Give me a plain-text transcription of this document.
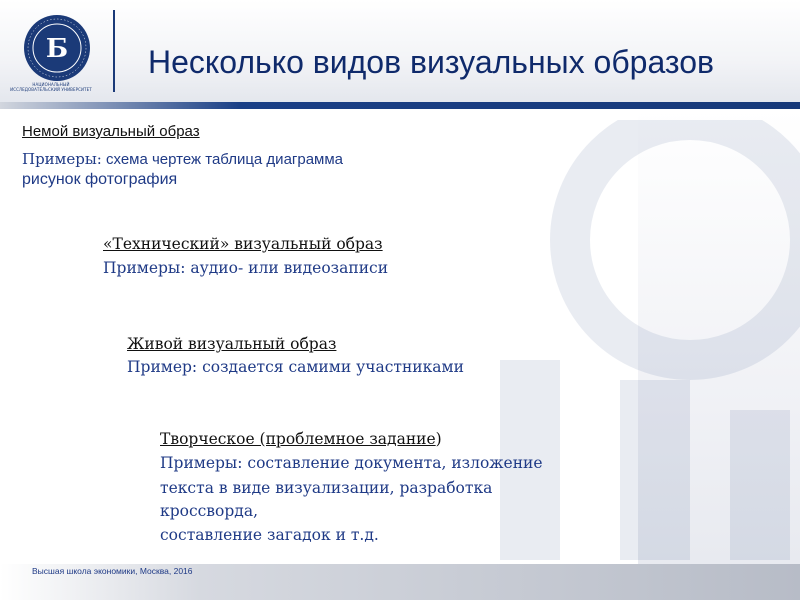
Б
НАЦИОНАЛЬНЫЙ ИССЛЕДОВАТЕЛЬСКИЙ УНИВЕРСИТЕТ
Несколько видов визуальных образов
Немой визуальный образ
Примеры: схема чертеж таблица диаграмма
рисунок фотография
«Технический» визуальный образ
Примеры: аудио- или видеозаписи
Живой визуальный образ
Пример: создается самими участниками
Творческое (проблемное задание)
Примеры: составление документа, изложение
текста в виде визуализации, разработка
кроссворда,
составление загадок и т.д.
Высшая школа экономики, Москва, 2016
